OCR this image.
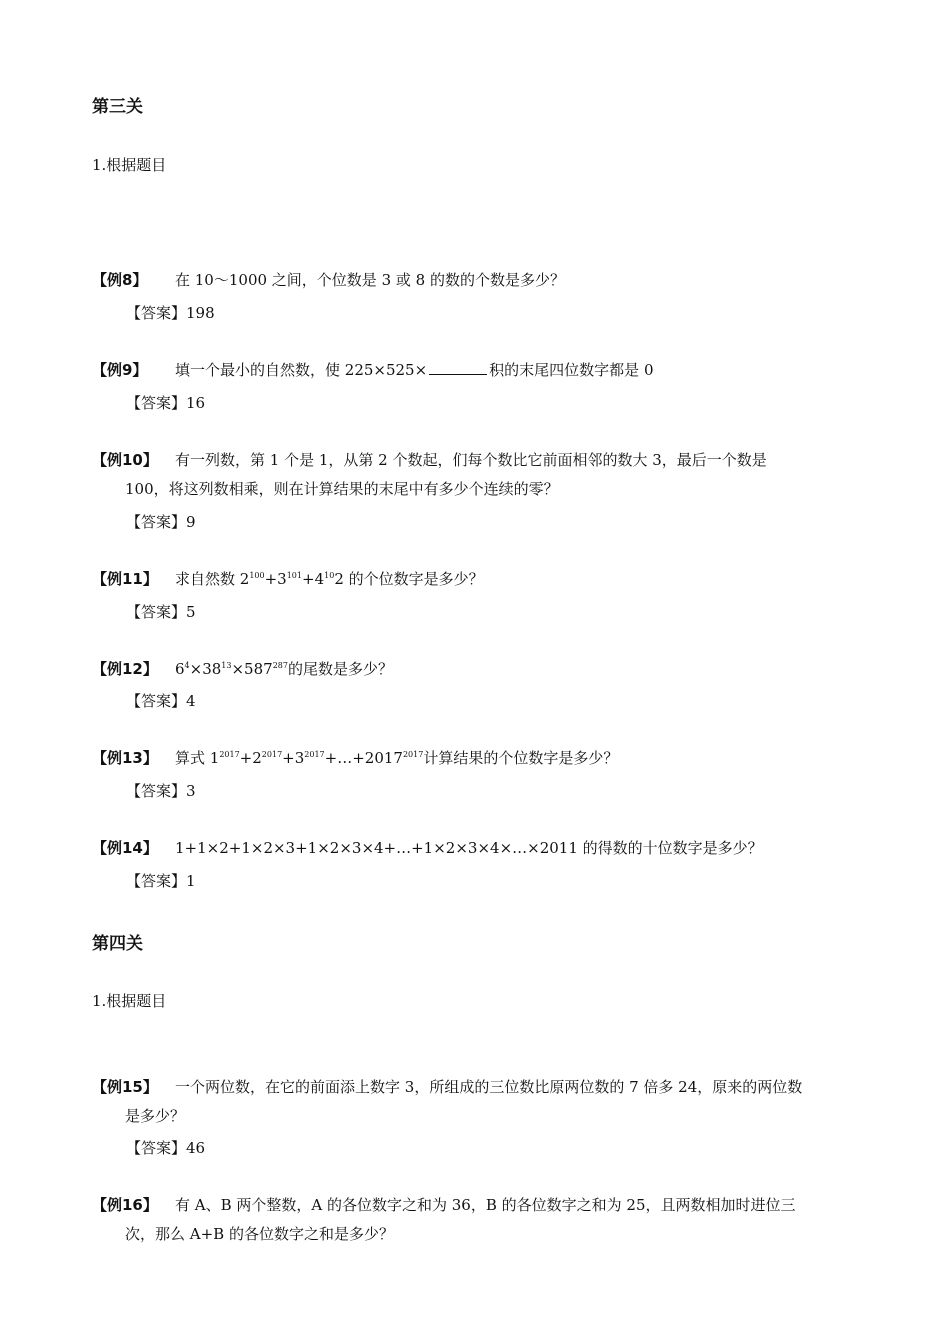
第三关
1.根据题目
【例8】 在 10～1000 之间，个位数是 3 或 8 的数的个数是多少？
【答案】198
【例9】 填一个最小的自然数，使 225×525×	积的末尾四位数字都是 0
【答案】16
【例10】 有一列数，第 1 个是 1，从第 2 个数起，们每个数比它前面相邻的数大 3，最后一个数是
100，将这列数相乘，则在计算结果的末尾中有多少个连续的零？
【答案】9
【例11】 求自然数 $2^{100}+3^{101}+4^{10}2$ 的个位数字是多少？
【答案】5
【例12】 $6^4\times 38^{13}\times 587^{287}$的尾数是多少？
【答案】4
【例13】 算式 $1^{2017}+2^{2017}+3^{2017}+\dots+2017^{2017}$计算结果的个位数字是多少？
【答案】3
【例14】 1+1×2+1×2×3+1×2×3×4+…+1×2×3×4×…×2011 的得数的十位数字是多少？
【答案】1
第四关
1.根据题目
【例15】 一个两位数，在它的前面添上数字 3，所组成的三位数比原两位数的 7 倍多 24，原来的两位数
是多少？
【答案】46
【例16】 有 A、B 两个整数，A 的各位数字之和为 36，B 的各位数字之和为 25，且两数相加时进位三
次，那么 A+B 的各位数字之和是多少？
